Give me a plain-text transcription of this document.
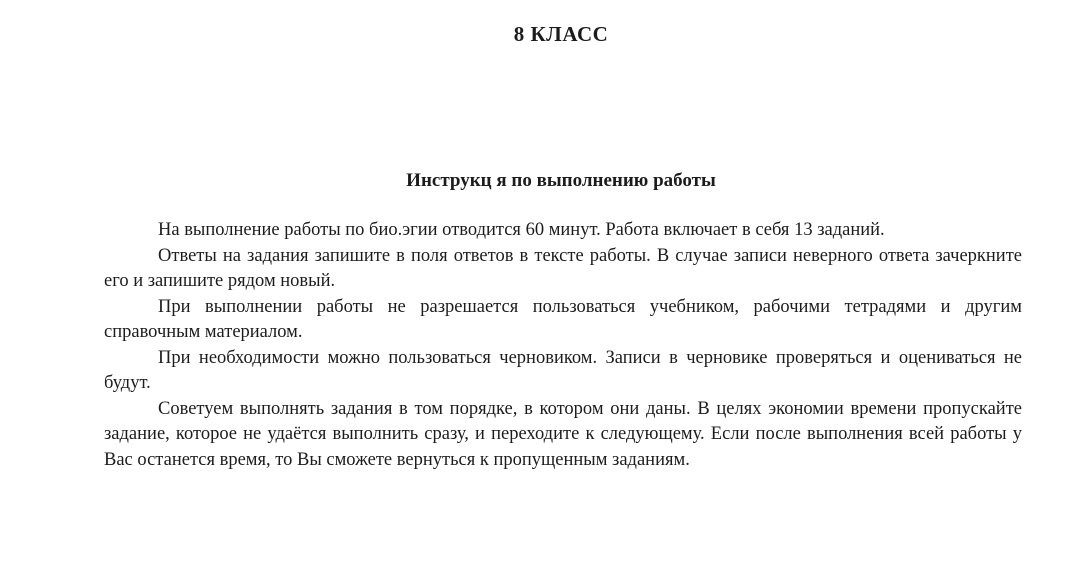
8 КЛАСС
Инструкц я по выполнению работы

На выполнение работы по био.эгии отводится 60 минут. Работа включает в себя 13 заданий.

Ответы на задания запишите в поля ответов в тексте работы. В случае записи неверного ответа зачеркните его и запишите рядом новый.

При выполнении работы не разрешается пользоваться учебником, рабочими тетрадями и другим справочным материалом.

При необходимости можно пользоваться черновиком. Записи в черновике проверяться и оцениваться не будут.

Советуем выполнять задания в том порядке, в котором они даны. В целях экономии времени пропускайте задание, которое не удаётся выполнить сразу, и переходите к следующему. Если после выполнения всей работы у Вас останется время, то Вы сможете вернуться к пропущенным заданиям.
